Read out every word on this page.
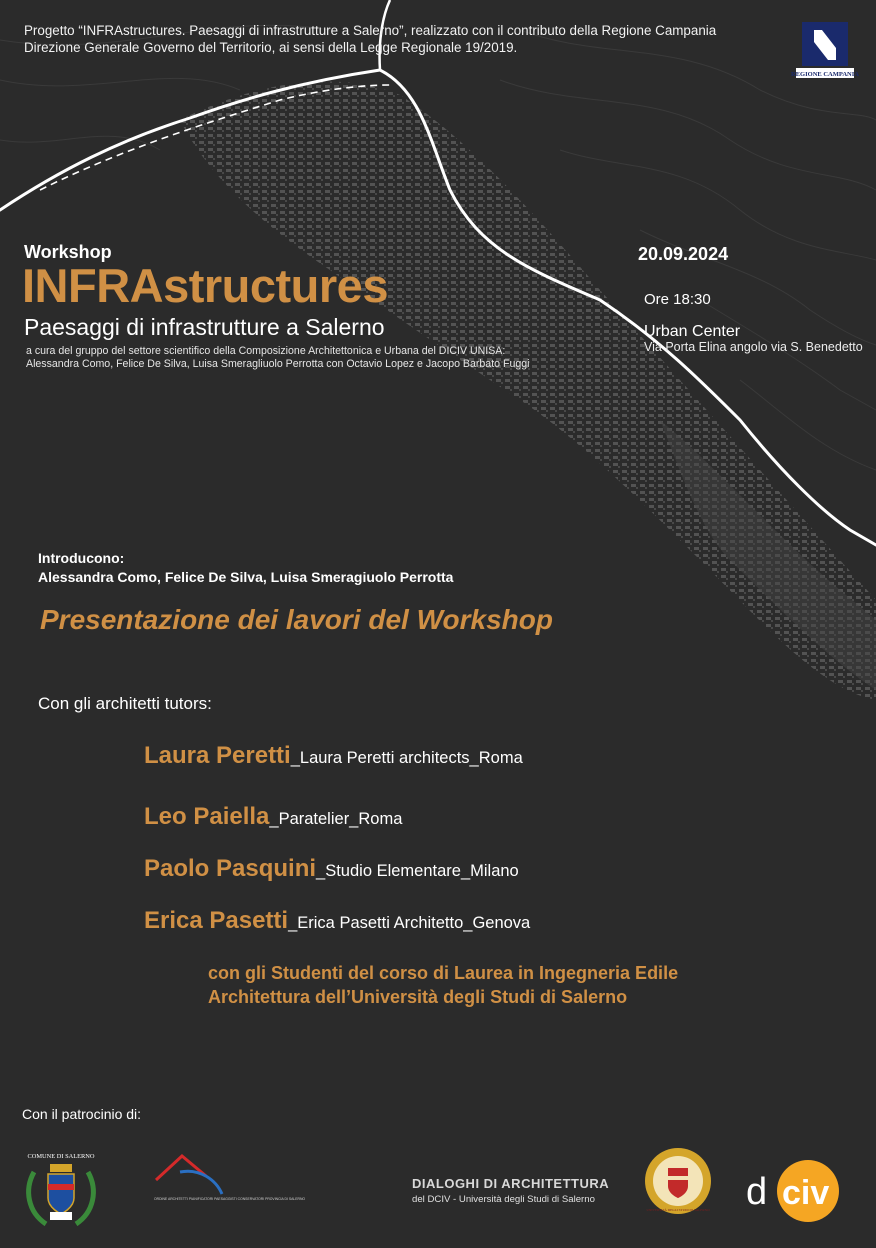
Progetto “INFRAstructures. Paesaggi di infrastrutture a Salerno”, realizzato con il contributo della Regione Campania
Direzione Generale Governo del Territorio, ai sensi della Legge Regionale 19/2019.
REGIONE CAMPANIA
Workshop
INFRAstructures
Paesaggi di infrastrutture a Salerno
a cura del gruppo del settore scientifico della Composizione Architettonica e Urbana del DICIV UNISA:
Alessandra Como, Felice De Silva, Luisa Smeragliuolo Perrotta con Octavio Lopez e Jacopo Barbato Fuggi
20.09.2024
Ore 18:30
Urban Center
Via Porta Elina angolo via S. Benedetto
Introducono:
Alessandra Como, Felice De Silva, Luisa Smeragiuolo Perrotta
Presentazione dei lavori del Workshop
Con gli architetti tutors:
Laura Peretti_Laura Peretti architects_Roma
Leo Paiella_Paratelier_Roma
Paolo Pasquini_Studio Elementare_Milano
Erica Pasetti_Erica Pasetti Architetto_Genova
con gli Studenti del corso di Laurea in Ingegneria Edile
Architettura dell’Università degli Studi di Salerno
Con il patrocinio di:
COMUNE DI SALERNO
ORDINE ARCHITETTI PIANIFICATORI PAESAGGISTI CONSERVATORI PROVINCIA DI SALERNO
DIALOGHI DI ARCHITETTURA
del DCIV - Università degli Studi di Salerno
UNIVERSITÀ DEGLI STUDI DI SALERNO d civ
